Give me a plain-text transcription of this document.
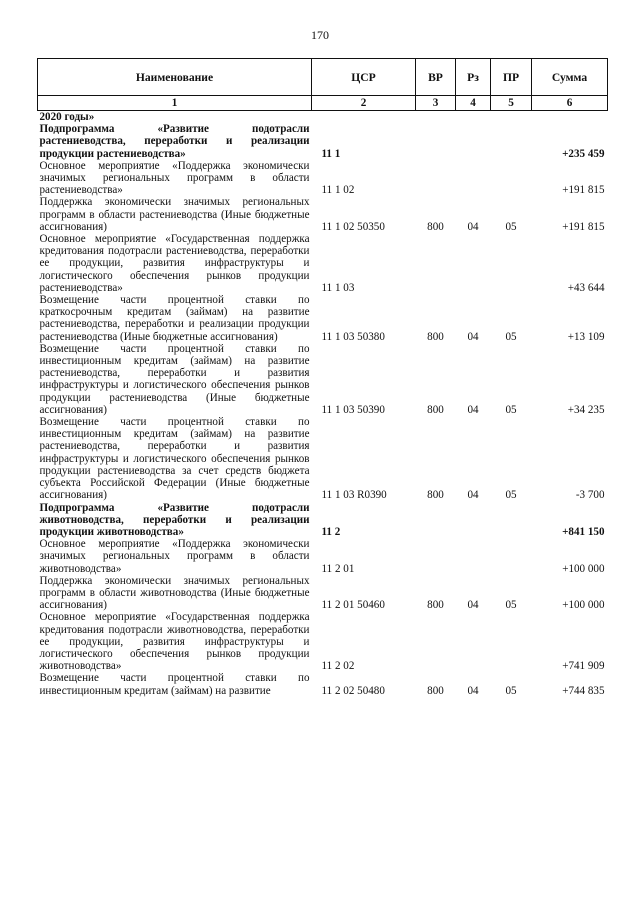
170
Наименование	ЦСР	ВР	Рз	ПР	Сумма
1	2	3	4	5	6
2020 годы»					
Подпрограмма «Развитие подотрасли растениеводства, переработки и реализации продукции растениеводства»	11 1				+235 459
Основное мероприятие «Поддержка экономически значимых региональных программ в области растениеводства»	11 1 02				+191 815
Поддержка экономически значимых региональных программ в области растениеводства (Иные бюджетные ассигнования)	11 1 02 50350	800	04	05	+191 815
Основное мероприятие «Государственная поддержка кредитования подотрасли растениеводства, переработки ее продукции, развития инфраструктуры и логистического обеспечения рынков продукции растениеводства»	11 1 03				+43 644
Возмещение части процентной ставки по краткосрочным кредитам (займам) на развитие растениеводства, переработки и реализации продукции растениеводства (Иные бюджетные ассигнования)	11 1 03 50380	800	04	05	+13 109
Возмещение части процентной ставки по инвестиционным кредитам (займам) на развитие растениеводства, переработки и развития инфраструктуры и логистического обеспечения рынков продукции растениеводства (Иные бюджетные ассигнования)	11 1 03 50390	800	04	05	+34 235
Возмещение части процентной ставки по инвестиционным кредитам (займам) на развитие растениеводства, переработки и развития инфраструктуры и логистического обеспечения рынков продукции растениеводства за счет средств бюджета субъекта Российской Федерации (Иные бюджетные ассигнования)	11 1 03 R0390	800	04	05	-3 700
Подпрограмма «Развитие подотрасли животноводства, переработки и реализации продукции животноводства»	11 2				+841 150
Основное мероприятие «Поддержка экономически значимых региональных программ в области животноводства»	11 2 01				+100 000
Поддержка экономически значимых региональных программ в области животноводства (Иные бюджетные ассигнования)	11 2 01 50460	800	04	05	+100 000
Основное мероприятие «Государственная поддержка кредитования подотрасли животноводства, переработки ее продукции, развития инфраструктуры и логистического обеспечения рынков продукции животноводства»	11 2 02				+741 909
Возмещение части процентной ставки по инвестиционным кредитам (займам) на развитие	11 2 02 50480	800	04	05	+744 835
